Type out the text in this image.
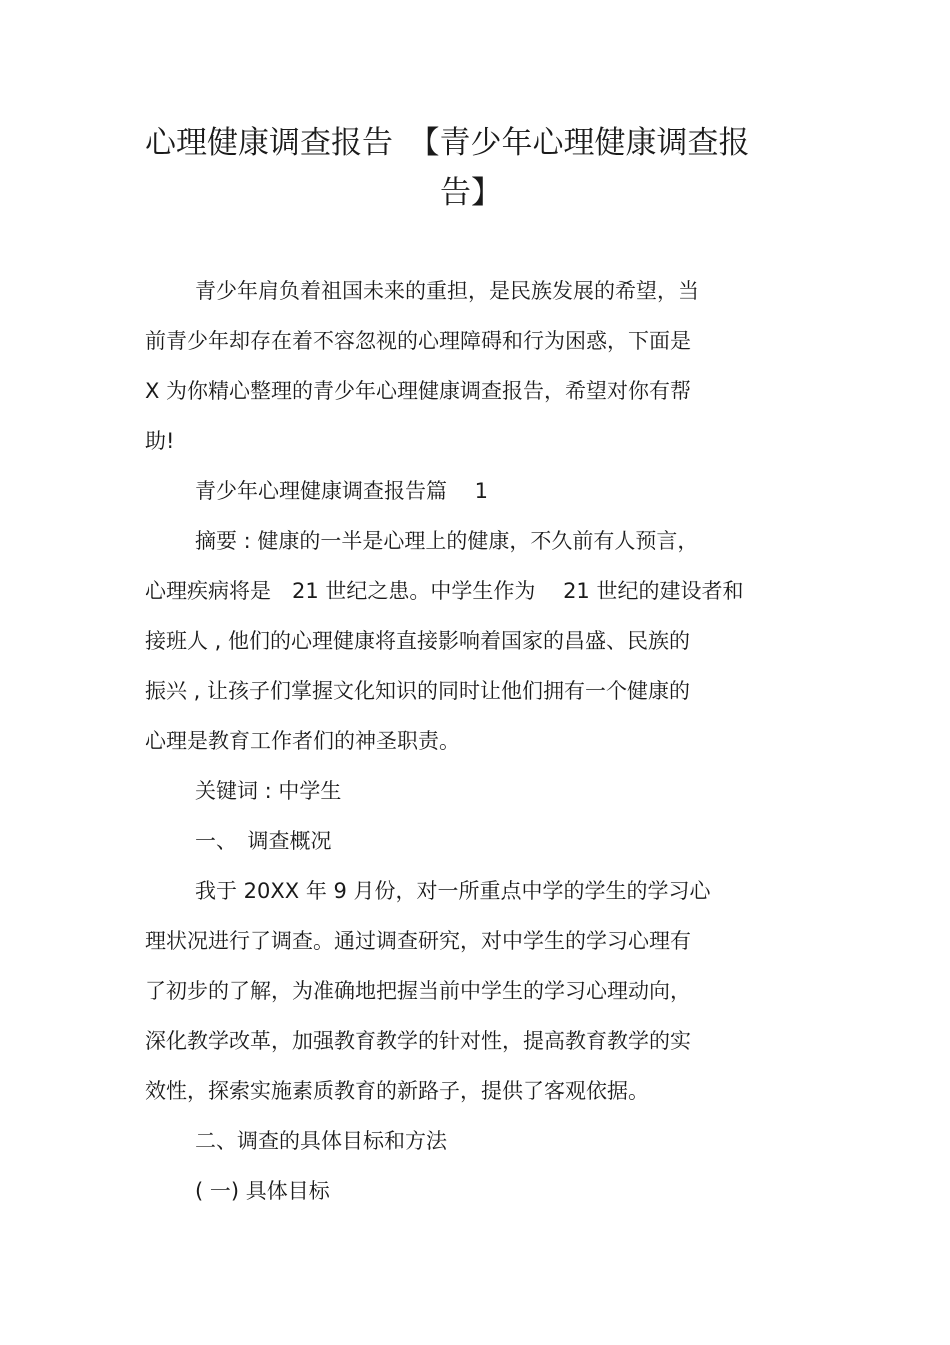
心理健康调查报告　【青少年心理健康调查报
告】
青少年肩负着祖国未来的重担，是民族发展的希望，当
前青少年却存在着不容忽视的心理障碍和行为困惑，下面是
X 为你精心整理的青少年心理健康调查报告，希望对你有帮
助!
青少年心理健康调查报告篇　 1
摘要 : 健康的一半是心理上的健康，不久前有人预言，
心理疾病将是　21 世纪之患。中学生作为　 21 世纪的建设者和
接班人 , 他们的心理健康将直接影响着国家的昌盛、民族的
振兴 , 让孩子们掌握文化知识的同时让他们拥有一个健康的
心理是教育工作者们的神圣职责。
关键词 : 中学生
一、　调查概况
我于 20XX 年 9 月份，对一所重点中学的学生的学习心
理状况进行了调查。通过调查研究，对中学生的学习心理有
了初步的了解，为准确地把握当前中学生的学习心理动向，
深化教学改革，加强教育教学的针对性，提高教育教学的实
效性，探索实施素质教育的新路子，提供了客观依据。
二、调查的具体目标和方法
( 一) 具体目标
